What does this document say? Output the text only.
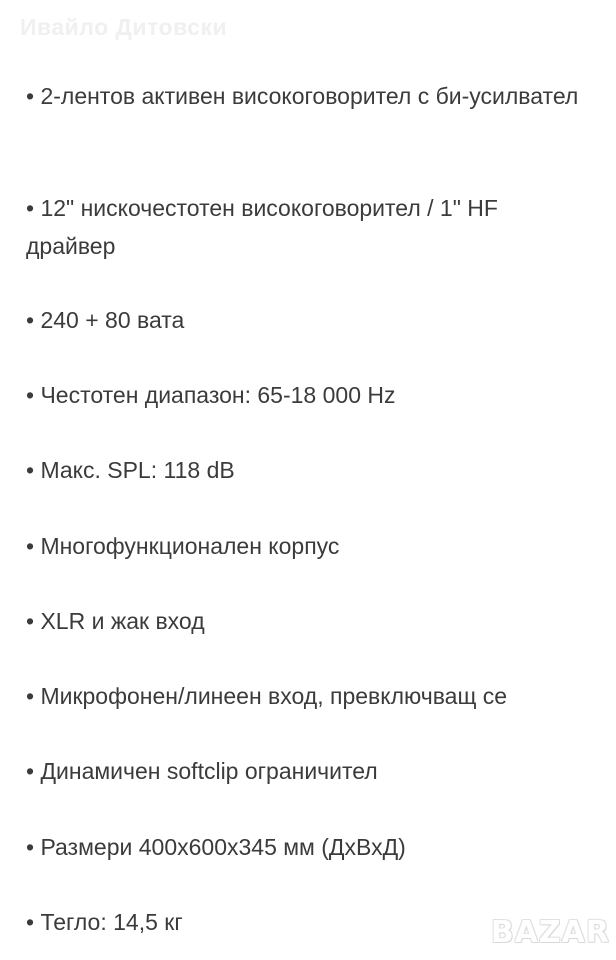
Ивайло Дитовски
• 2-лентов активен високоговорител с би-усилвател
• 12" нискочестотен високоговорител / 1" HF драйвер
• 240 + 80 вата
• Честотен диапазон: 65-18 000 Hz
• Макс. SPL: 118 dB
• Многофункционален корпус
• XLR и жак вход
• Микрофонен/линеен вход, превключващ се
• Динамичен softclip ограничител
• Размери 400x600x345 мм (ДхВхД)
• Тегло: 14,5 кг	BAZAR
